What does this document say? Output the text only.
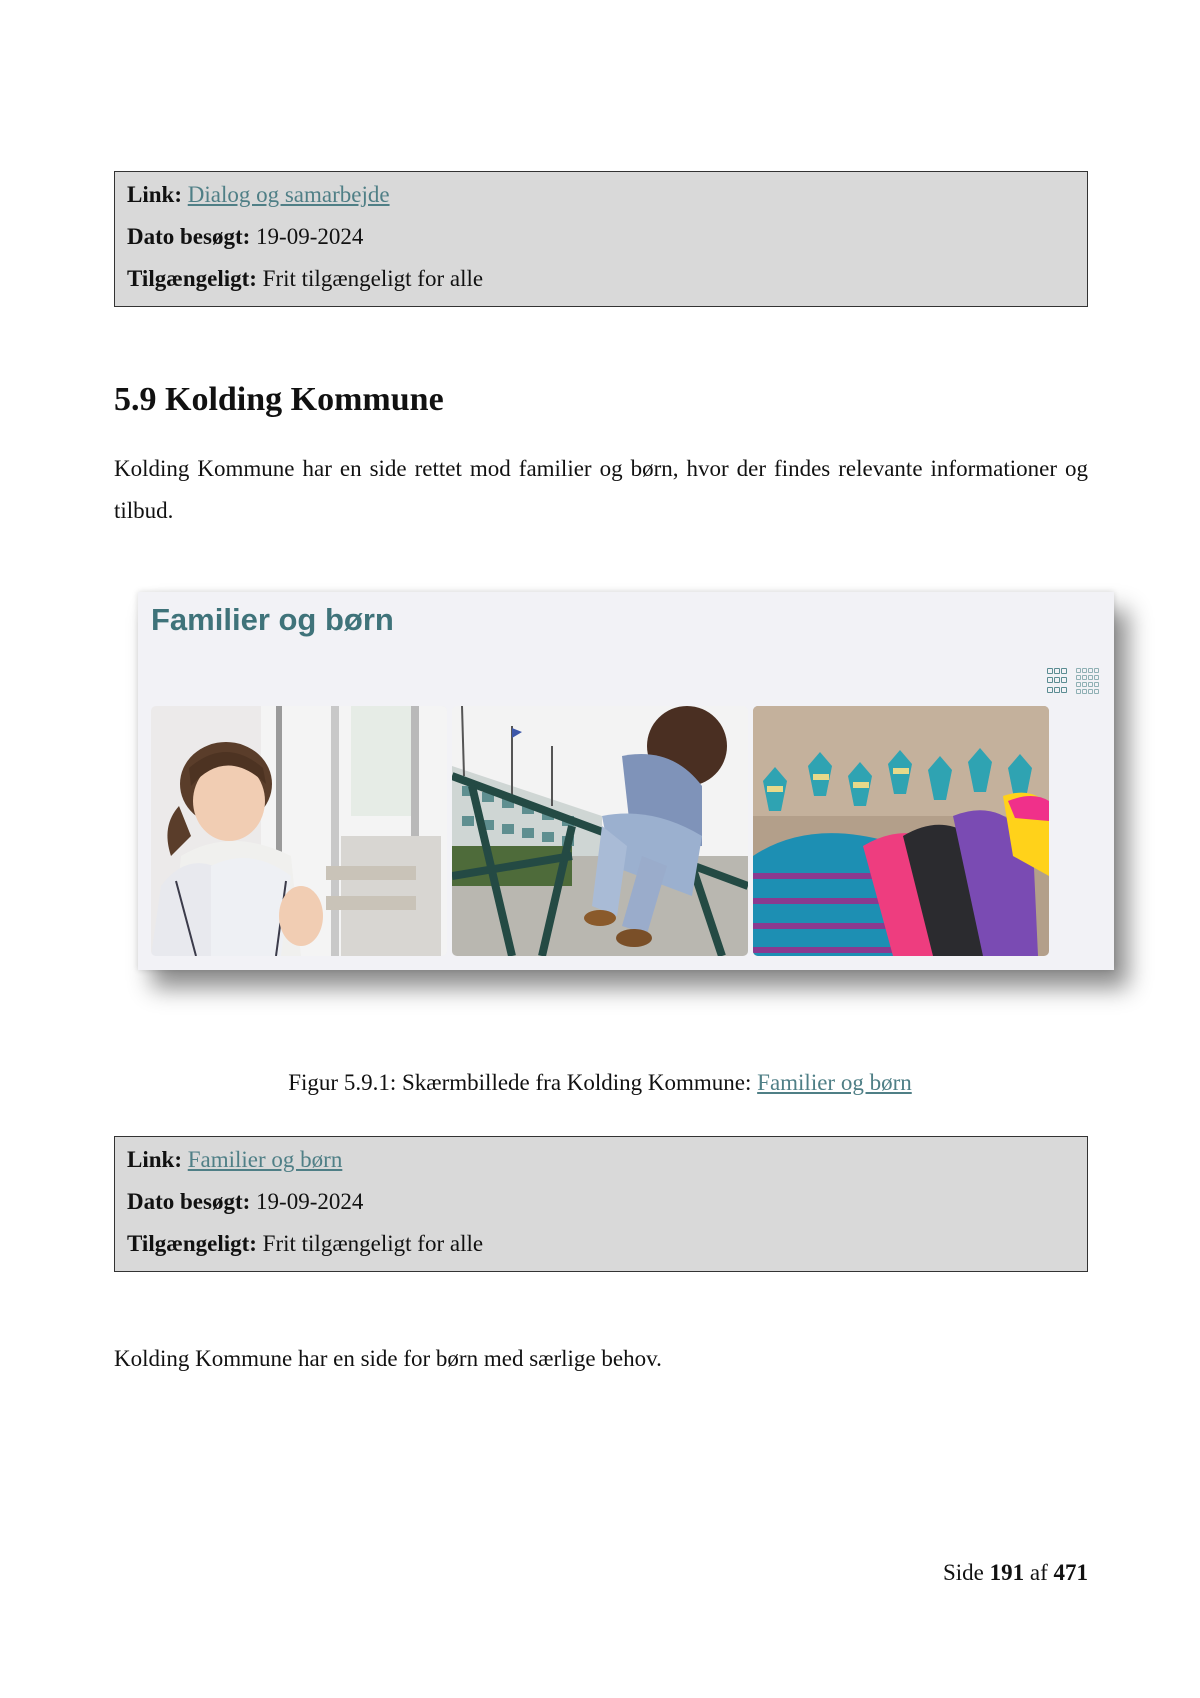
Link: Dialog og samarbejde
Dato besøgt: 19-09-2024
Tilgængeligt: Frit tilgængeligt for alle
5.9 Kolding Kommune

Kolding Kommune har en side rettet mod familier og børn, hvor der findes relevante informationer og tilbud.

Familier og børn

Figur 5.9.1: Skærmbillede fra Kolding Kommune: Familier og børn

Link: Familier og børn
Dato besøgt: 19-09-2024
Tilgængeligt: Frit tilgængeligt for alle

Kolding Kommune har en side for børn med særlige behov.

Side 191 af 471
